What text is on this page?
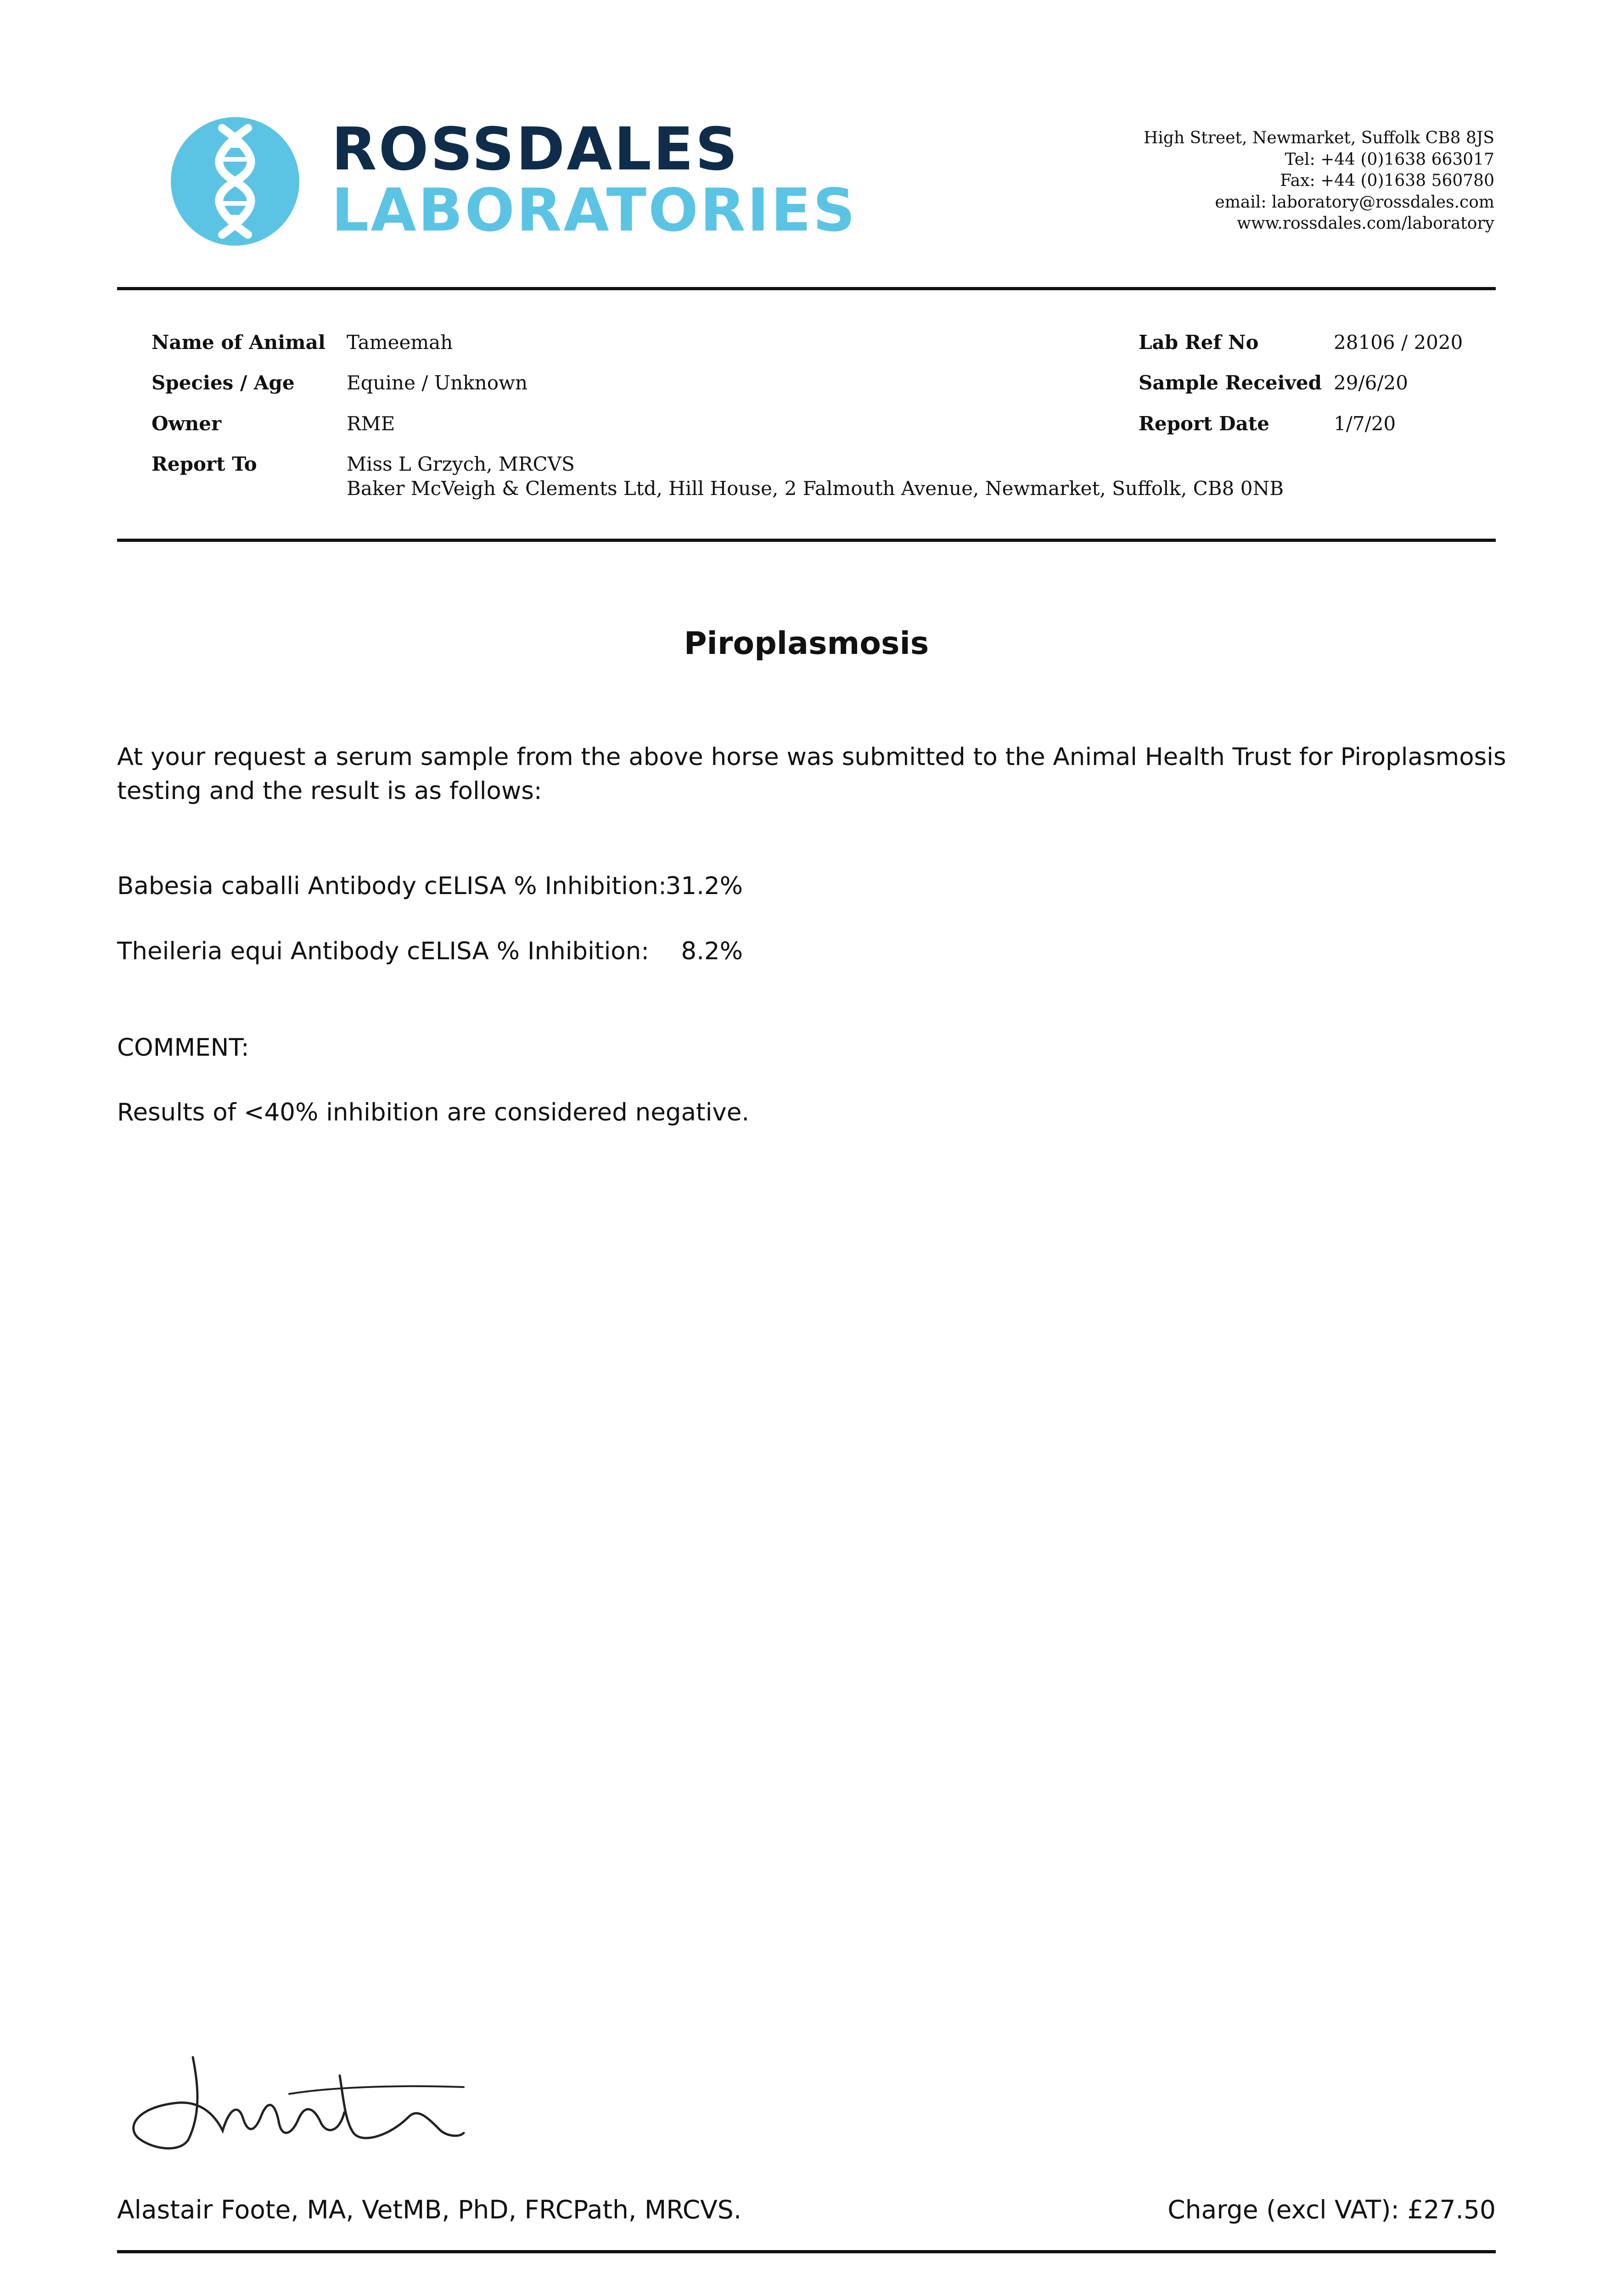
ROSSDALES
LABORATORIES
High Street, Newmarket, Suffolk CB8 8JS
Tel: +44 (0)1638 663017
Fax: +44 (0)1638 560780
email: laboratory@rossdales.com
www.rossdales.com/laboratory
Name of Animal Tameemah
Species / Age	Equine / Unknown
Owner	RME
Report To	Miss L Grzych, MRCVS
Baker McVeigh & Clements Ltd, Hill House, 2 Falmouth Avenue, Newmarket, Suffolk, CB8 0NB
Lab Ref No	28106 / 2020
Sample Received 29/6/20
Report Date	1/7/20
Piroplasmosis
At your request a serum sample from the above horse was submitted to the Animal Health Trust for Piroplasmosis
testing and the result is as follows:
Babesia caballi Antibody cELISA % Inhibition:
31.2%
Theileria equi Antibody cELISA % Inhibition:	8.2%
COMMENT:
Results of <40% inhibition are considered negative.
Alastair Foote, MA, VetMB, PhD, FRCPath, MRCVS.	Charge (excl VAT): £27.50
